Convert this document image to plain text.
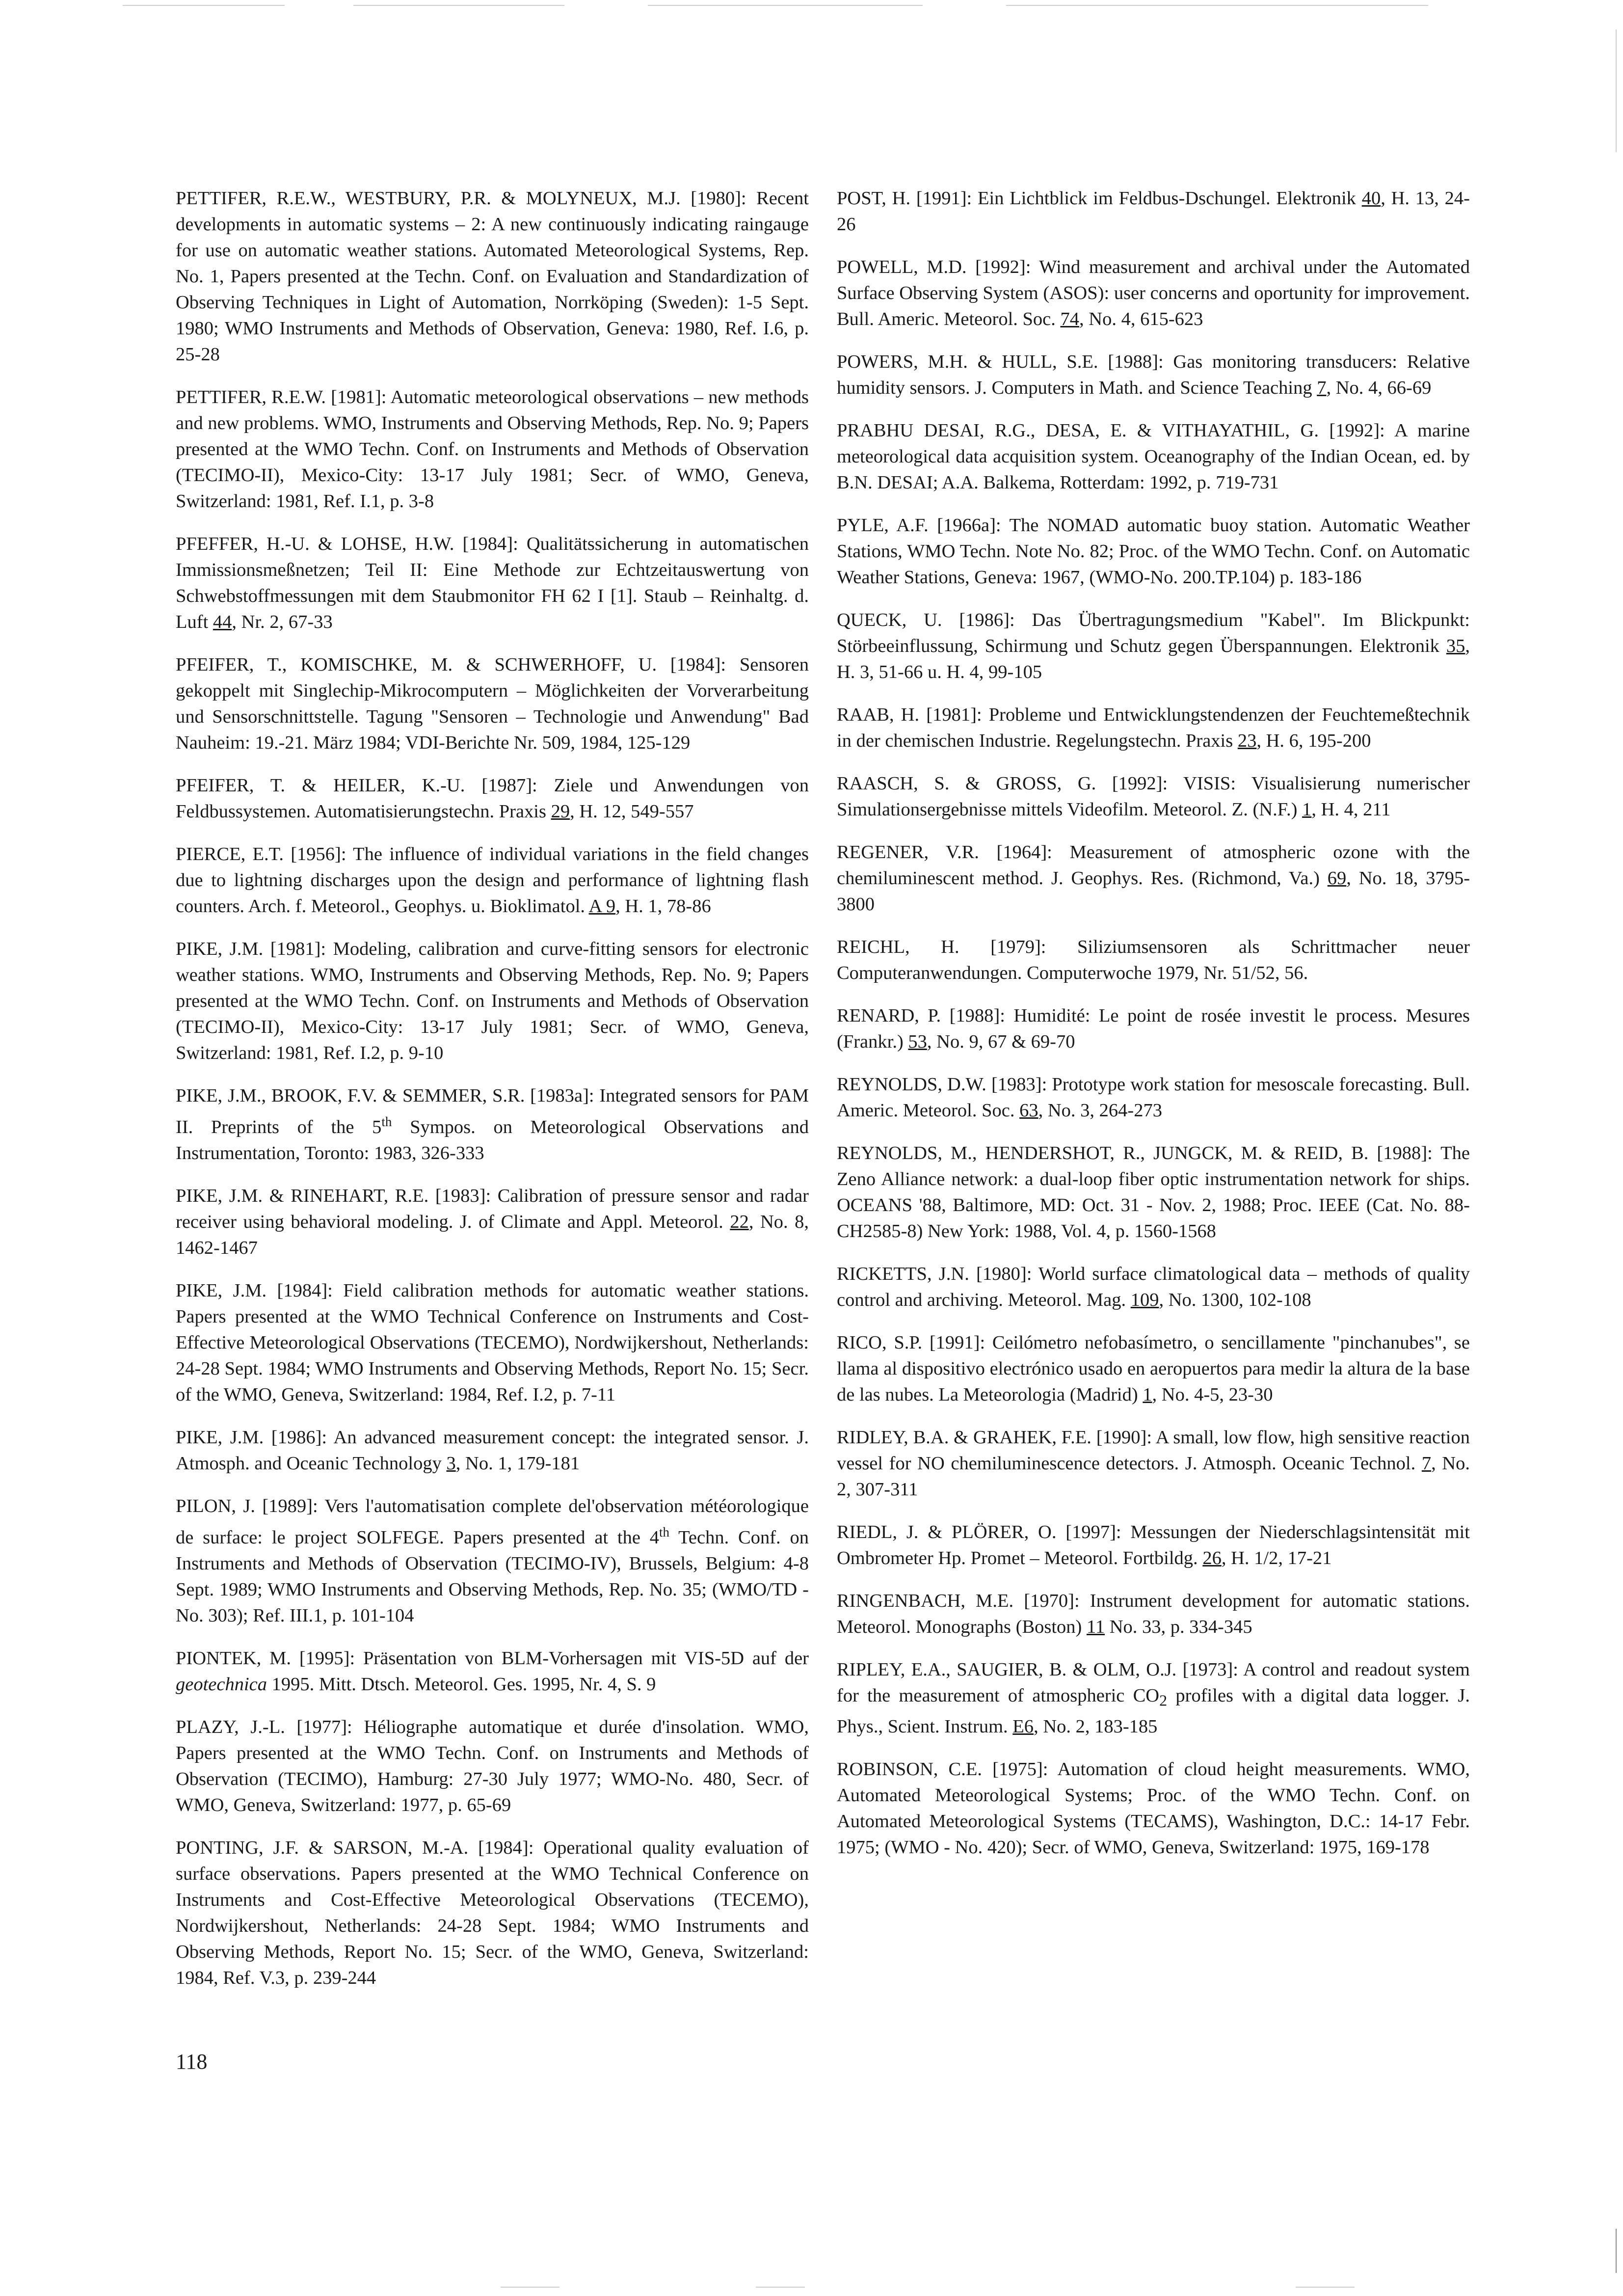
PETTIFER, R.E.W., WESTBURY, P.R. & MOLYNEUX, M.J. [1980]: Recent developments in automatic systems – 2: A new continuously indicating raingauge for use on automatic weather stations. Automated Meteorological Systems, Rep. No. 1, Papers presented at the Techn. Conf. on Evaluation and Standardization of Observing Techniques in Light of Automation, Norrköping (Sweden): 1-5 Sept. 1980; WMO Instruments and Methods of Observation, Geneva: 1980, Ref. I.6, p. 25-28

PETTIFER, R.E.W. [1981]: Automatic meteorological observations – new methods and new problems. WMO, Instruments and Observing Methods, Rep. No. 9; Papers presented at the WMO Techn. Conf. on Instruments and Methods of Observation (TECIMO-II), Mexico-City: 13-17 July 1981; Secr. of WMO, Geneva, Switzerland: 1981, Ref. I.1, p. 3-8

PFEFFER, H.-U. & LOHSE, H.W. [1984]: Qualitätssicherung in automatischen Immissionsmeßnetzen; Teil II: Eine Methode zur Echtzeitauswertung von Schwebstoffmessungen mit dem Staubmonitor FH 62 I [1]. Staub – Reinhaltg. d. Luft 44, Nr. 2, 67-33

PFEIFER, T., KOMISCHKE, M. & SCHWERHOFF, U. [1984]: Sensoren gekoppelt mit Singlechip-Mikrocomputern – Möglichkeiten der Vorverarbeitung und Sensorschnittstelle. Tagung "Sensoren – Technologie und Anwendung" Bad Nauheim: 19.-21. März 1984; VDI-Berichte Nr. 509, 1984, 125-129

PFEIFER, T. & HEILER, K.-U. [1987]: Ziele und Anwendungen von Feldbussystemen. Automatisierungstechn. Praxis 29, H. 12, 549-557

PIERCE, E.T. [1956]: The influence of individual variations in the field changes due to lightning discharges upon the design and performance of lightning flash counters. Arch. f. Meteorol., Geophys. u. Bioklimatol. A 9, H. 1, 78-86

PIKE, J.M. [1981]: Modeling, calibration and curve-fitting sensors for electronic weather stations. WMO, Instruments and Observing Methods, Rep. No. 9; Papers presented at the WMO Techn. Conf. on Instruments and Methods of Observation (TECIMO-II), Mexico-City: 13-17 July 1981; Secr. of WMO, Geneva, Switzerland: 1981, Ref. I.2, p. 9-10

PIKE, J.M., BROOK, F.V. & SEMMER, S.R. [1983a]: Integrated sensors for PAM II. Preprints of the 5th Sympos. on Meteorological Observations and Instrumentation, Toronto: 1983, 326-333

PIKE, J.M. & RINEHART, R.E. [1983]: Calibration of pressure sensor and radar receiver using behavioral modeling. J. of Climate and Appl. Meteorol. 22, No. 8, 1462-1467

PIKE, J.M. [1984]: Field calibration methods for automatic weather stations. Papers presented at the WMO Technical Conference on Instruments and Cost-Effective Meteorological Observations (TECEMO), Nordwijkershout, Netherlands: 24-28 Sept. 1984; WMO Instruments and Observing Methods, Report No. 15; Secr. of the WMO, Geneva, Switzerland: 1984, Ref. I.2, p. 7-11

PIKE, J.M. [1986]: An advanced measurement concept: the integrated sensor. J. Atmosph. and Oceanic Technology 3, No. 1, 179-181

PILON, J. [1989]: Vers l'automatisation complete del'observation météorologique de surface: le project SOLFEGE. Papers presented at the 4th Techn. Conf. on Instruments and Methods of Observation (TECIMO-IV), Brussels, Belgium: 4-8 Sept. 1989; WMO Instruments and Observing Methods, Rep. No. 35; (WMO/TD - No. 303); Ref. III.1, p. 101-104

PIONTEK, M. [1995]: Präsentation von BLM-Vorhersagen mit VIS-5D auf der geotechnica 1995. Mitt. Dtsch. Meteorol. Ges. 1995, Nr. 4, S. 9

PLAZY, J.-L. [1977]: Héliographe automatique et durée d'insolation. WMO, Papers presented at the WMO Techn. Conf. on Instruments and Methods of Observation (TECIMO), Hamburg: 27-30 July 1977; WMO-No. 480, Secr. of WMO, Geneva, Switzerland: 1977, p. 65-69

PONTING, J.F. & SARSON, M.-A. [1984]: Operational quality evaluation of surface observations. Papers presented at the WMO Technical Conference on Instruments and Cost-Effective Meteorological Observations (TECEMO), Nordwijkershout, Netherlands: 24-28 Sept. 1984; WMO Instruments and Observing Methods, Report No. 15; Secr. of the WMO, Geneva, Switzerland: 1984, Ref. V.3, p. 239-244

POST, H. [1991]: Ein Lichtblick im Feldbus-Dschungel. Elektronik 40, H. 13, 24-26

POWELL, M.D. [1992]: Wind measurement and archival under the Automated Surface Observing System (ASOS): user concerns and oportunity for improvement. Bull. Americ. Meteorol. Soc. 74, No. 4, 615-623

POWERS, M.H. & HULL, S.E. [1988]: Gas monitoring transducers: Relative humidity sensors. J. Computers in Math. and Science Teaching 7, No. 4, 66-69

PRABHU DESAI, R.G., DESA, E. & VITHAYATHIL, G. [1992]: A marine meteorological data acquisition system. Oceanography of the Indian Ocean, ed. by B.N. DESAI; A.A. Balkema, Rotterdam: 1992, p. 719-731

PYLE, A.F. [1966a]: The NOMAD automatic buoy station. Automatic Weather Stations, WMO Techn. Note No. 82; Proc. of the WMO Techn. Conf. on Automatic Weather Stations, Geneva: 1967, (WMO-No. 200.TP.104) p. 183-186

QUECK, U. [1986]: Das Übertragungsmedium "Kabel". Im Blickpunkt: Störbeeinflussung, Schirmung und Schutz gegen Überspannungen. Elektronik 35, H. 3, 51-66 u. H. 4, 99-105

RAAB, H. [1981]: Probleme und Entwicklungstendenzen der Feuchtemeßtechnik in der chemischen Industrie. Regelungstechn. Praxis 23, H. 6, 195-200

RAASCH, S. & GROSS, G. [1992]: VISIS: Visualisierung numerischer Simulationsergebnisse mittels Videofilm. Meteorol. Z. (N.F.) 1, H. 4, 211

REGENER, V.R. [1964]: Measurement of atmospheric ozone with the chemiluminescent method. J. Geophys. Res. (Richmond, Va.) 69, No. 18, 3795-3800

REICHL, H. [1979]: Siliziumsensoren als Schrittmacher neuer Computeranwendungen. Computerwoche 1979, Nr. 51/52, 56.

RENARD, P. [1988]: Humidité: Le point de rosée investit le process. Mesures (Frankr.) 53, No. 9, 67 & 69-70

REYNOLDS, D.W. [1983]: Prototype work station for mesoscale forecasting. Bull. Americ. Meteorol. Soc. 63, No. 3, 264-273

REYNOLDS, M., HENDERSHOT, R., JUNGCK, M. & REID, B. [1988]: The Zeno Alliance network: a dual-loop fiber optic instrumentation network for ships. OCEANS '88, Baltimore, MD: Oct. 31 - Nov. 2, 1988; Proc. IEEE (Cat. No. 88-CH2585-8) New York: 1988, Vol. 4, p. 1560-1568

RICKETTS, J.N. [1980]: World surface climatological data – methods of quality control and archiving. Meteorol. Mag. 109, No. 1300, 102-108

RICO, S.P. [1991]: Ceilómetro nefobasímetro, o sencillamente "pinchanubes", se llama al dispositivo electrónico usado en aeropuertos para medir la altura de la base de las nubes. La Meteorologia (Madrid) 1, No. 4-5, 23-30

RIDLEY, B.A. & GRAHEK, F.E. [1990]: A small, low flow, high sensitive reaction vessel for NO chemiluminescence detectors. J. Atmosph. Oceanic Technol. 7, No. 2, 307-311

RIEDL, J. & PLÖRER, O. [1997]: Messungen der Niederschlagsintensität mit Ombrometer Hp. Promet – Meteorol. Fortbildg. 26, H. 1/2, 17-21

RINGENBACH, M.E. [1970]: Instrument development for automatic stations. Meteorol. Monographs (Boston) 11 No. 33, p. 334-345

RIPLEY, E.A., SAUGIER, B. & OLM, O.J. [1973]: A control and readout system for the measurement of atmospheric $CO_2$ profiles with a digital data logger. J. Phys., Scient. Instrum. E6, No. 2, 183-185

ROBINSON, C.E. [1975]: Automation of cloud height measurements. WMO, Automated Meteorological Systems; Proc. of the WMO Techn. Conf. on Automated Meteorological Systems (TECAMS), Washington, D.C.: 14-17 Febr. 1975; (WMO - No. 420); Secr. of WMO, Geneva, Switzerland: 1975, 169-178

118
